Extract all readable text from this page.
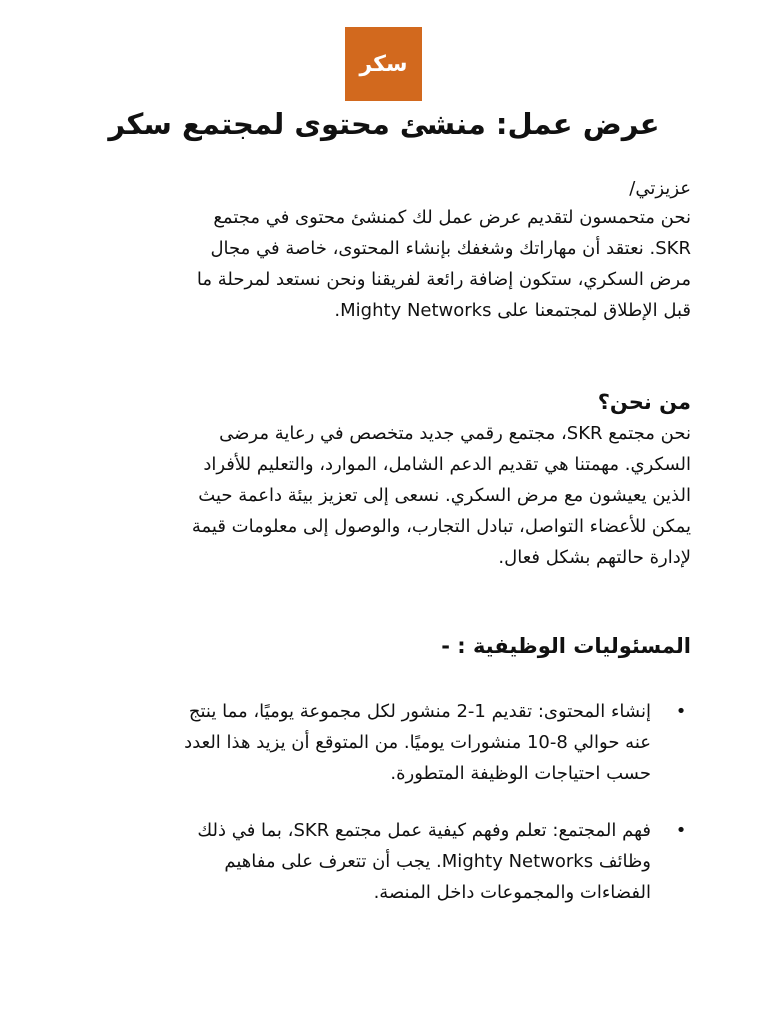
سكر
عرض عمل: منشئ محتوى لمجتمع سكر

عزيزتي/

نحن متحمسون لتقديم عرض عمل لك كمنشئ محتوى في مجتمع
SKR. نعتقد أن مهاراتك وشغفك بإنشاء المحتوى، خاصة في مجال
مرض السكري، ستكون إضافة رائعة لفريقنا ونحن نستعد لمرحلة ما
قبل الإطلاق لمجتمعنا على Mighty Networks.

من نحن؟

نحن مجتمع SKR، مجتمع رقمي جديد متخصص في رعاية مرضى
السكري. مهمتنا هي تقديم الدعم الشامل، الموارد، والتعليم للأفراد
الذين يعيشون مع مرض السكري. نسعى إلى تعزيز بيئة داعمة حيث
يمكن للأعضاء التواصل، تبادل التجارب، والوصول إلى معلومات قيمة
لإدارة حالتهم بشكل فعال.

المسئوليات الوظيفية : -
•
إنشاء المحتوى: تقديم 1-2 منشور لكل مجموعة يوميًا، مما ينتج
عنه حوالي 8-10 منشورات يوميًا. من المتوقع أن يزيد هذا العدد
حسب احتياجات الوظيفة المتطورة.
•
فهم المجتمع: تعلم وفهم كيفية عمل مجتمع SKR، بما في ذلك
وظائف Mighty Networks. يجب أن تتعرف على مفاهيم
الفضاءات والمجموعات داخل المنصة.
